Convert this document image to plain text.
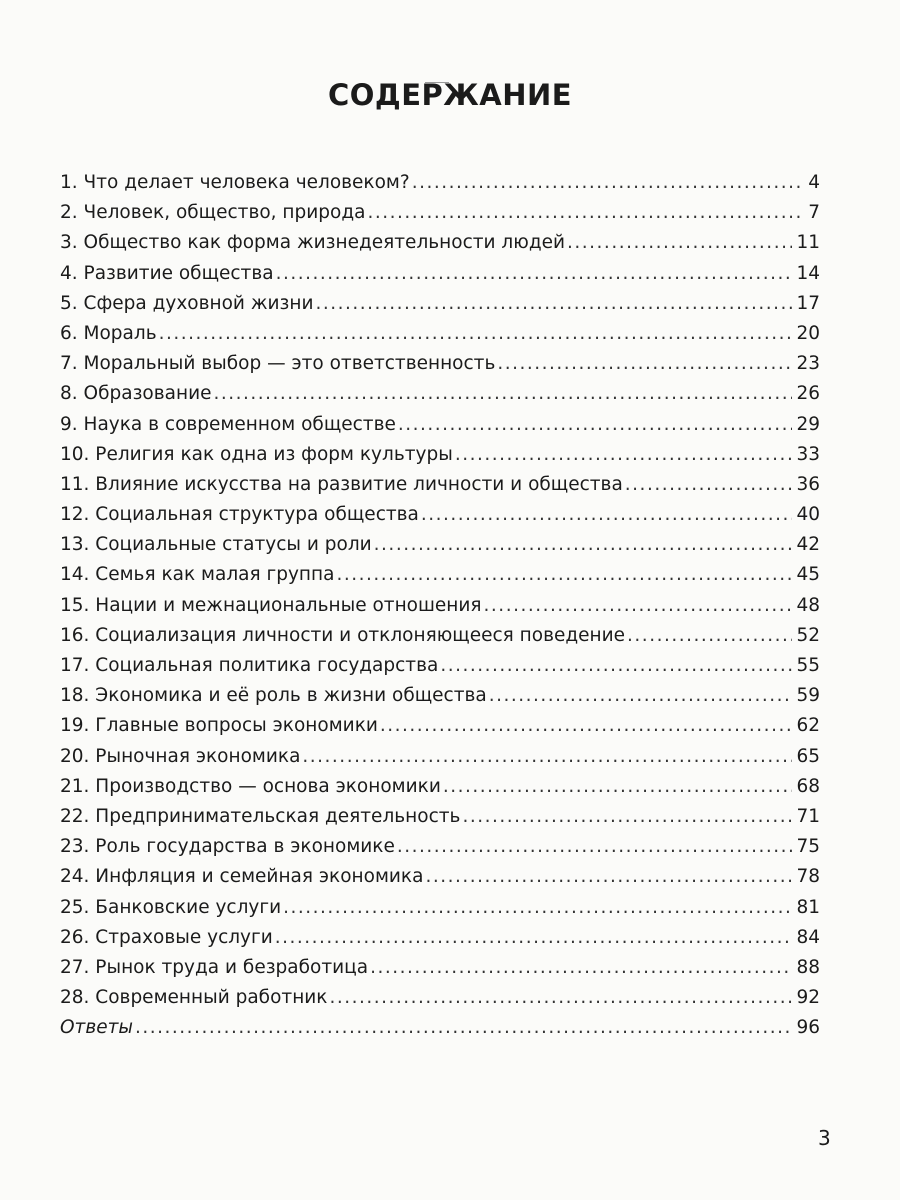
СОДЕРЖАНИЕ
1. Что делает человека человеком? .....	4
2. Человек, общество, природа .....	7
3. Общество как форма жизнедеятельности людей .....	11
4. Развитие общества .....	14
5. Сфера духовной жизни .....	17
6. Мораль .....	20
7. Моральный выбор — это ответственность .....	23
8. Образование .....	26
9. Наука в современном обществе .....	29
10. Религия как одна из форм культуры .....	33
11. Влияние искусства на развитие личности и общества .....	36
12. Социальная структура общества .....	40
13. Социальные статусы и роли .....	42
14. Семья как малая группа .....	45
15. Нации и межнациональные отношения .....	48
16. Социализация личности и отклоняющееся поведение .....	52
17. Социальная политика государства .....	55
18. Экономика и её роль в жизни общества .....	59
19. Главные вопросы экономики .....	62
20. Рыночная экономика .....	65
21. Производство — основа экономики .....	68
22. Предпринимательская деятельность .....	71
23. Роль государства в экономике .....	75
24. Инфляция и семейная экономика .....	78
25. Банковские услуги .....	81
26. Страховые услуги .....	84
27. Рынок труда и безработица .....	88
28. Современный работник .....	92
Ответы .....	96
3
